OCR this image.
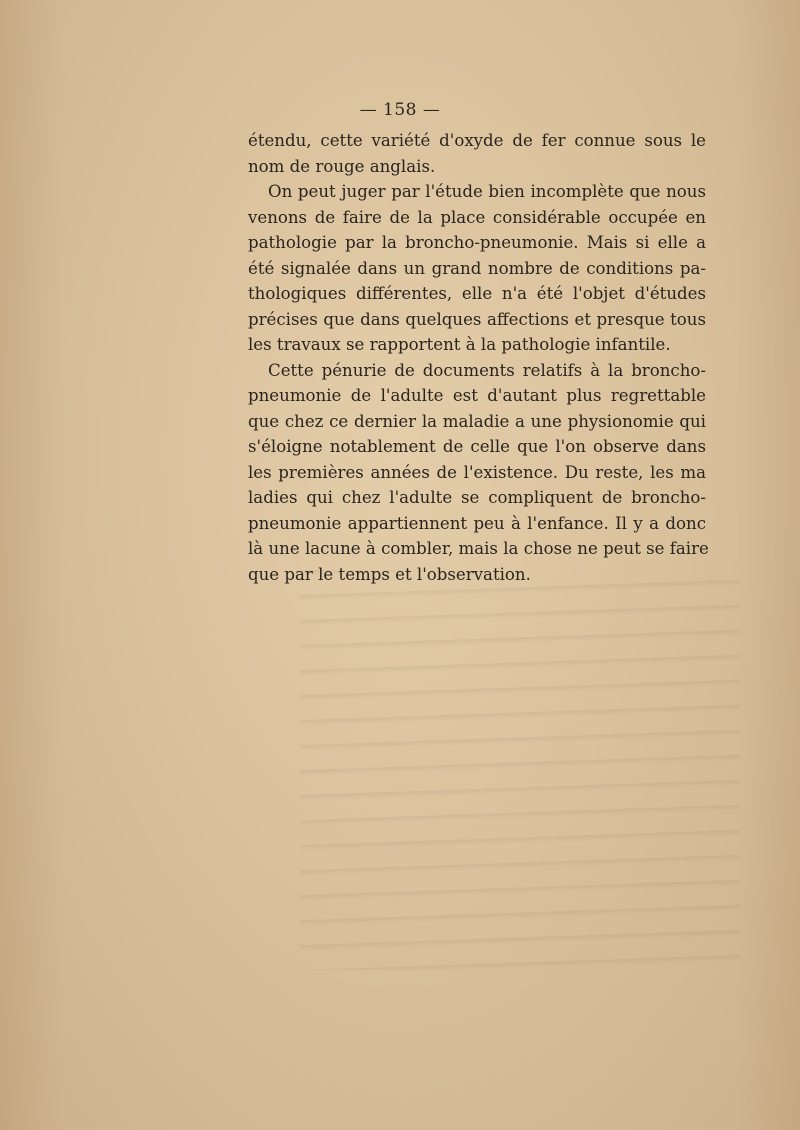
— 158 —

étendu, cette variété d'oxyde de fer connue sous le
nom de rouge anglais.

On peut juger par l'étude bien incomplète que nous
venons de faire de la place considérable occupée en
pathologie par la broncho-pneumonie. Mais si elle a
été signalée dans un grand nombre de conditions pa-
thologiques différentes, elle n'a été l'objet d'études
précises que dans quelques affections et presque tous
les travaux se rapportent à la pathologie infantile.

Cette pénurie de documents relatifs à la broncho-
pneumonie de l'adulte est d'autant plus regrettable
que chez ce dernier la maladie a une physionomie qui
s'éloigne notablement de celle que l'on observe dans
les premières années de l'existence. Du reste, les ma
ladies qui chez l'adulte se compliquent de broncho-
pneumonie appartiennent peu à l'enfance. Il y a donc
là une lacune à combler, mais la chose ne peut se faire
que par le temps et l'observation.
